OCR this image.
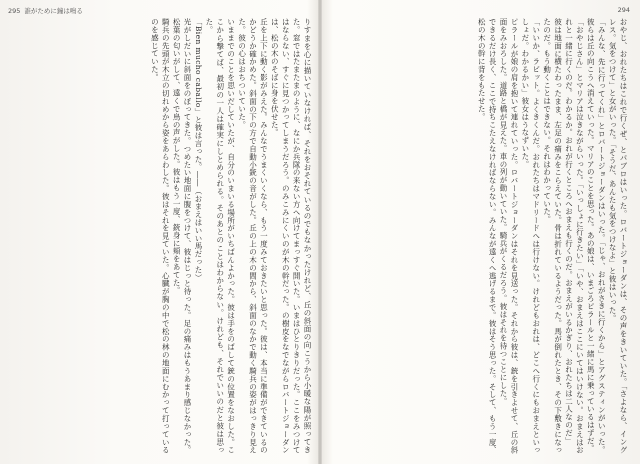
295 誰がために鐘は鳴る
りすまを心に描いていなければ、それをおそれているのでもなかったけれど、丘の斜面の向こうから小暖な陽が照ってきた。窓ではたまたまのように、なにか兵隊の来ない方へ向けてまっすぐ開いた。いまはひとりきりだった。ここをみつけてはならない、すぐに見つかってしまうだろう。のみこみにくいのが木の幹だった。の樹皮をなでながらロバートジョーダンは、松の木のそばに身を伏せた。
丘を上下に動く影がみえた。みんなでうまくいくなら、もう一度みておきたいと思った。彼は、本当に準備ができているのかどうか確かめた。斜面の下の方で自動小銃の音がした。丘の上の木の間から、斜面のなかで動く騎兵の姿がはっきり見えた。彼の心はおちついていた。
いままでのことを思いだしていたが、自分のいまいる場所がいちばんよかった。彼は手をのばして銃の位置をなおした。ここから撃てば、最初の一人は確実にしとめられる。そのあとのことはわからない。けれども、それでいいのだと彼は思った。
「Bien mucho caballo」と彼は言った。――（おまえはいい馬だった）
光がしだいに斜面をのぼってきた。つめたい地面に腹をつけて、彼はじっと待った。足の痛みはもうあまり感じなかった。松葉の匂いがして、遠くで鳥の声がした。彼はもう一度、銃身に頬をあてた。
騎兵の先頭が木立の切れめから姿をあらわした。彼はそれを見ていた。心臓が胸の中で松の林の地面にむかって打っているのを感じていた。
294
おやじ、おれたちはこれで行くぜ、とパブロはいった。ロバートジョーダンは、その声をきいていた。「さよなら、イングレス。気をつけて」と女がいった。「そうだ、あんたも気をつけなよ」と彼はいった。
「みんな、先に行ってくれ」とロバートジョーダンはいった。「じゃ、おれがさきに行くから」とアグスティンがいった。彼らは丘の向こうへ消えていった。マリアのことを思った。あの娘は、いまごろピラールと一緒に馬に乗っているはずだ。
「おやじさん」とマリアは泣きながらいった。「いっしょに行きたい」「いや、おまえはここにいてはいけない。おまえはおれと一緒に行くのだ。わかるか。おれが行くところへおまえも行くのだ。おまえがいるかぎり、おれたちは二人なのだ」
彼は地面に横たわったまま、左足の痛みをこらえていた。骨は折れているようだった。馬が倒れたとき、その下敷きになったのだ。もう動くことはできない。それはわかっていた。
「いいか、ラビット。よくきくんだ。おれたちはマドリードへは行けない。けれどもおれは、どこへ行くにもおまえといっしょだ。わかるかい」彼女はうなずいた。
ピラールが娘の肩を抱いて連れていった。ロバートジョーダンはそれを見送った。それから彼は、銃を引きよせて、丘の斜面をみおろした。道路と橋が見えた。車の列が動いていた。騎兵がくるだろう。彼はそれを待つことにした。
できるだけ長く、ここで持ちこたえなければならない。みんなが遠くへ逃げるまで。彼はそう思った。そして、もう一度、松の木の幹に背をもたせた。
